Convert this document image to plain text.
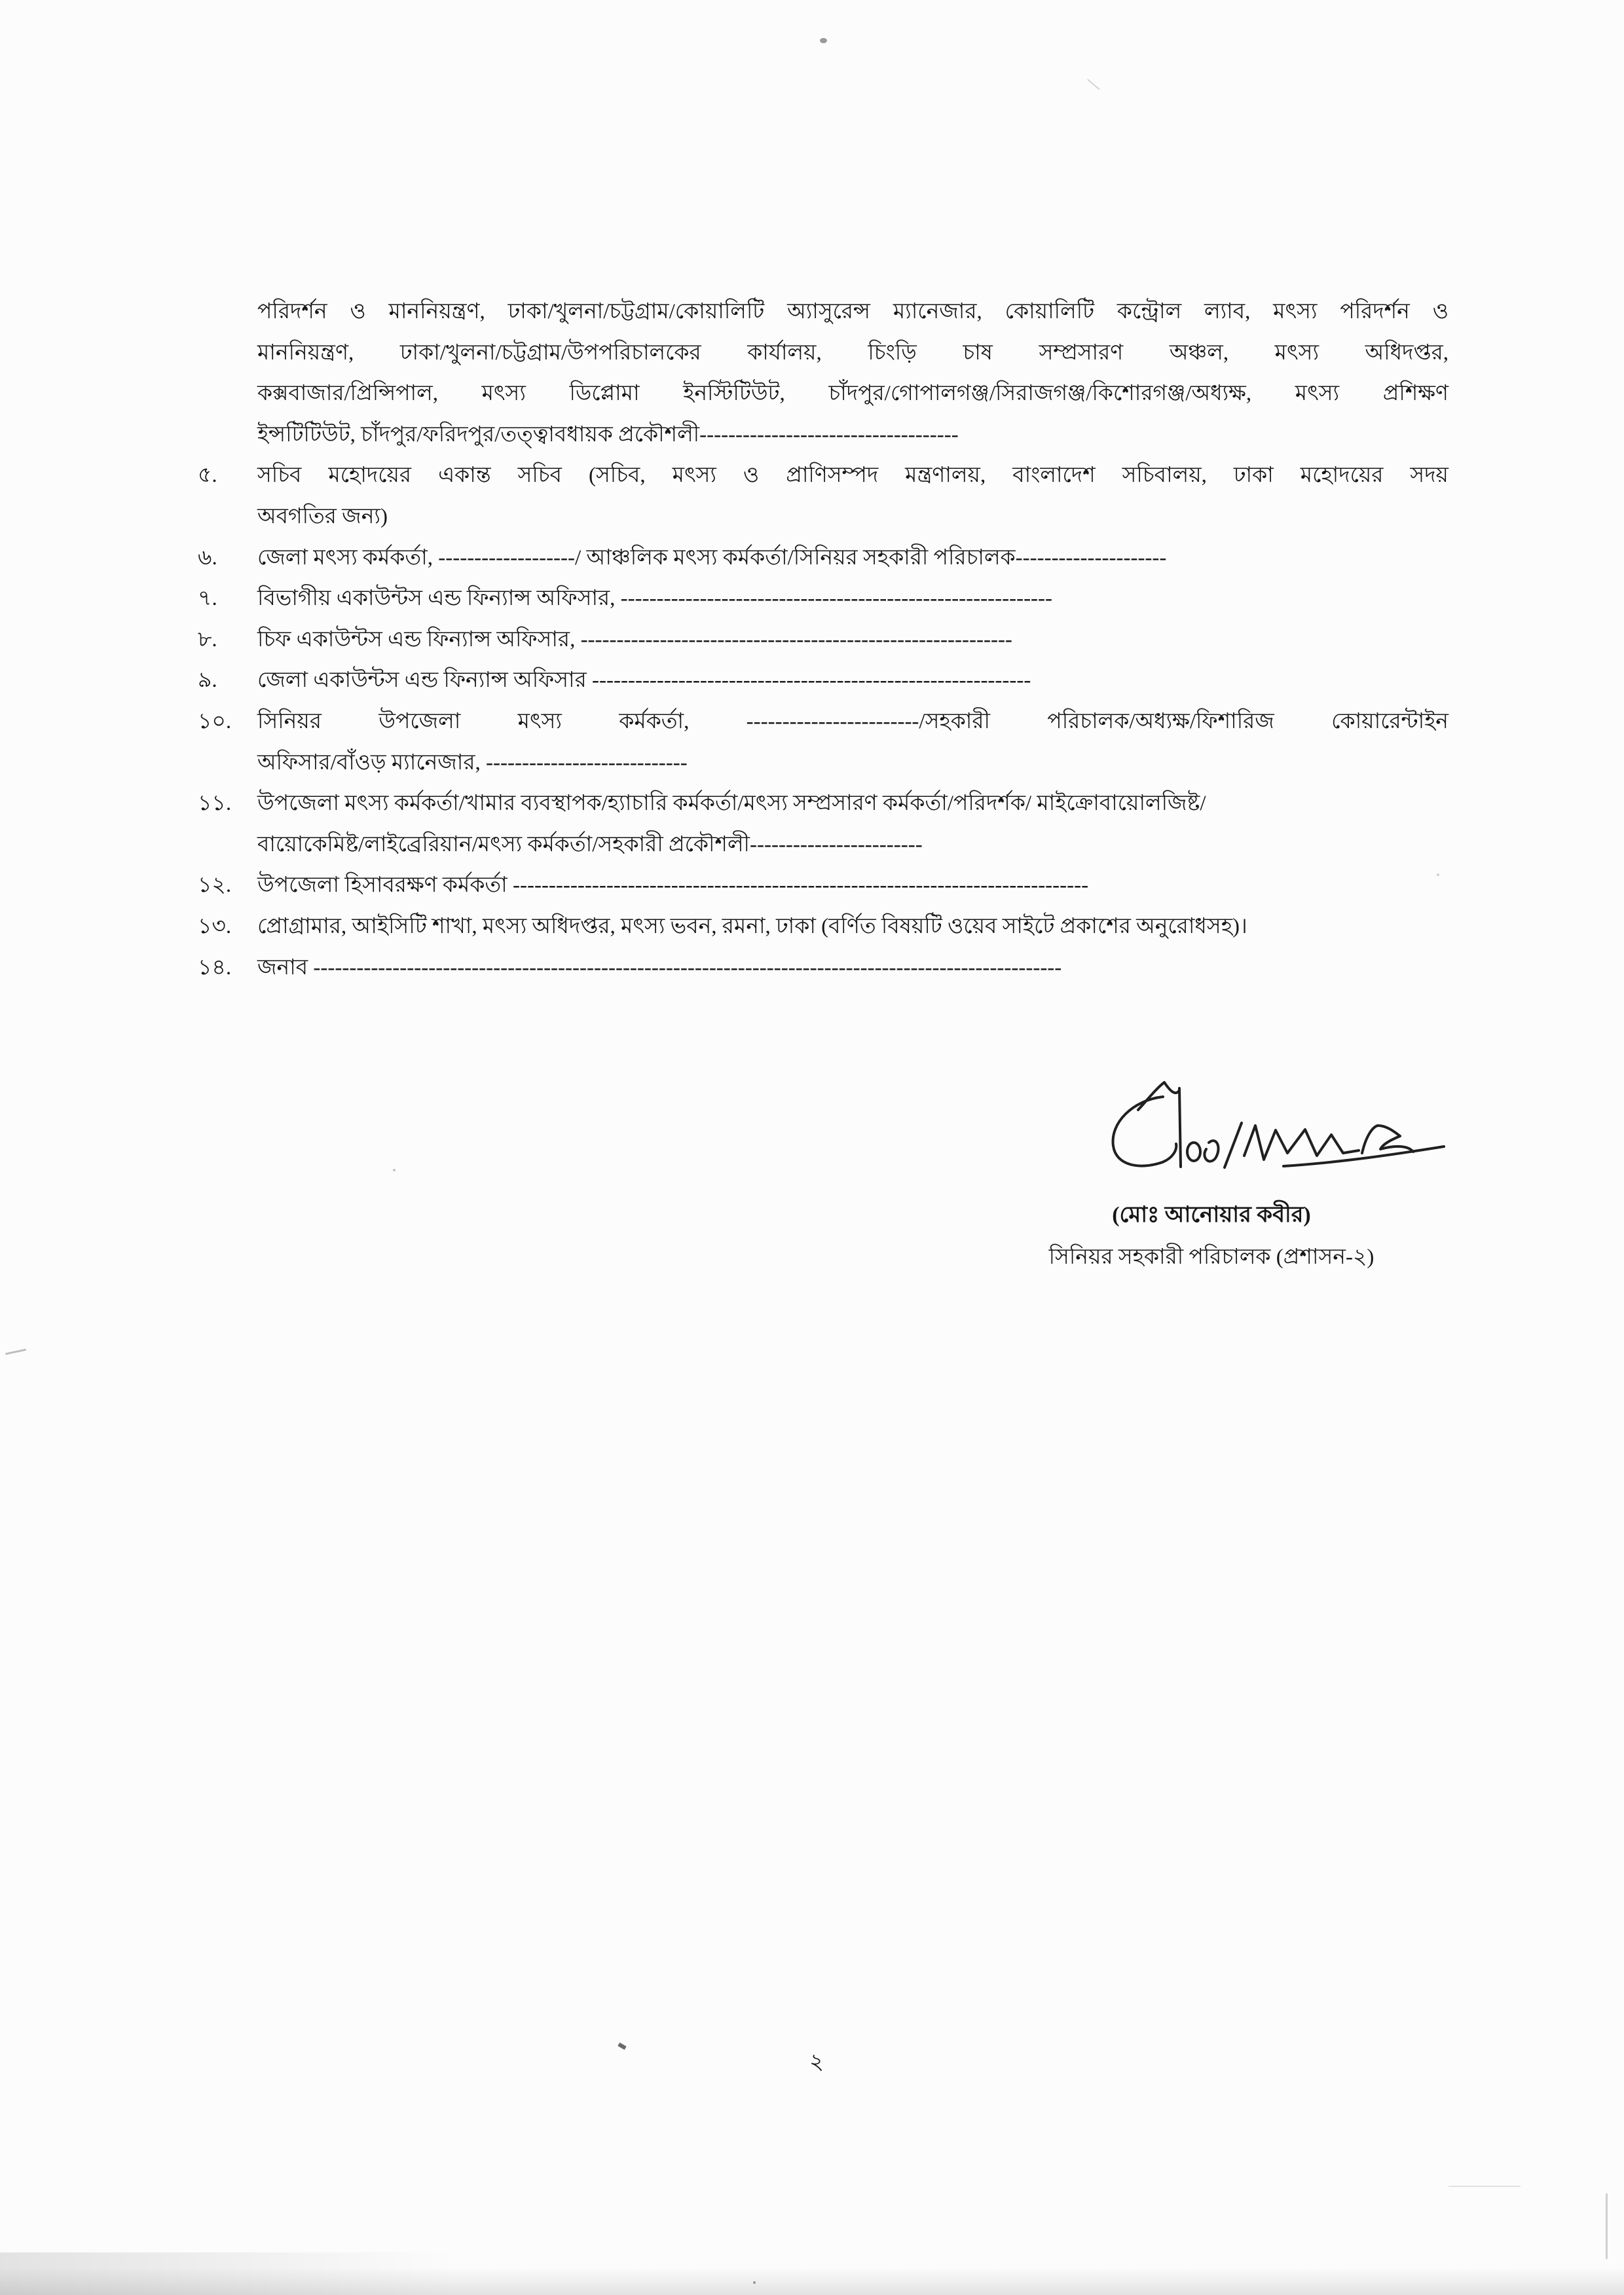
পরিদর্শন ও মাননিয়ন্ত্রণ, ঢাকা/খুলনা/চট্টগ্রাম/কোয়ালিটি অ্যাসুরেন্স ম্যানেজার, কোয়ালিটি কন্ট্রোল ল্যাব, মৎস্য পরিদর্শন ও
মাননিয়ন্ত্রণ, ঢাকা/খুলনা/চট্টগ্রাম/উপপরিচালকের কার্যালয়, চিংড়ি চাষ সম্প্রসারণ অঞ্চল, মৎস্য অধিদপ্তর,
কক্সবাজার/প্রিন্সিপাল, মৎস্য ডিপ্লোমা ইনস্টিটিউট, চাঁদপুর/গোপালগঞ্জ/সিরাজগঞ্জ/কিশোরগঞ্জ/অধ্যক্ষ, মৎস্য প্রশিক্ষণ
ইন্সটিটিউট, চাঁদপুর/ফরিদপুর/তত্ত্বাবধায়ক প্রকৌশলী------------------------------------
৫.	সচিব মহোদয়ের একান্ত সচিব (সচিব, মৎস্য ও প্রাণিসম্পদ মন্ত্রণালয়, বাংলাদেশ সচিবালয়, ঢাকা মহোদয়ের সদয়
অবগতির জন্য)
৬.	জেলা মৎস্য কর্মকর্তা, -------------------/ আঞ্চলিক মৎস্য কর্মকর্তা/সিনিয়র সহকারী পরিচালক---------------------
৭.	বিভাগীয় একাউন্টস এন্ড ফিন্যান্স অফিসার, ------------------------------------------------------------
৮.	চিফ একাউন্টস এন্ড ফিন্যান্স অফিসার, ------------------------------------------------------------
৯.	জেলা একাউন্টস এন্ড ফিন্যান্স অফিসার -------------------------------------------------------------
১০.	সিনিয়র উপজেলা মৎস্য কর্মকর্তা, ------------------------/সহকারী পরিচালক/অধ্যক্ষ/ফিশারিজ কোয়ারেন্টাইন
অফিসার/বাঁওড় ম্যানেজার, ----------------------------
১১.	উপজেলা মৎস্য কর্মকর্তা/খামার ব্যবস্থাপক/হ্যাচারি কর্মকর্তা/মৎস্য সম্প্রসারণ কর্মকর্তা/পরিদর্শক/ মাইক্রোবায়োলজিষ্ট/
বায়োকেমিষ্ট/লাইব্রেরিয়ান/মৎস্য কর্মকর্তা/সহকারী প্রকৌশলী------------------------
১২.	উপজেলা হিসাবরক্ষণ কর্মকর্তা --------------------------------------------------------------------------------
১৩.	প্রোগ্রামার, আইসিটি শাখা, মৎস্য অধিদপ্তর, মৎস্য ভবন, রমনা, ঢাকা (বর্ণিত বিষয়টি ওয়েব সাইটে প্রকাশের অনুরোধসহ)।
১৪.	জনাব --------------------------------------------------------------------------------------------------------
(মোঃ আনোয়ার কবীর)
সিনিয়র সহকারী পরিচালক (প্রশাসন-২)
২
